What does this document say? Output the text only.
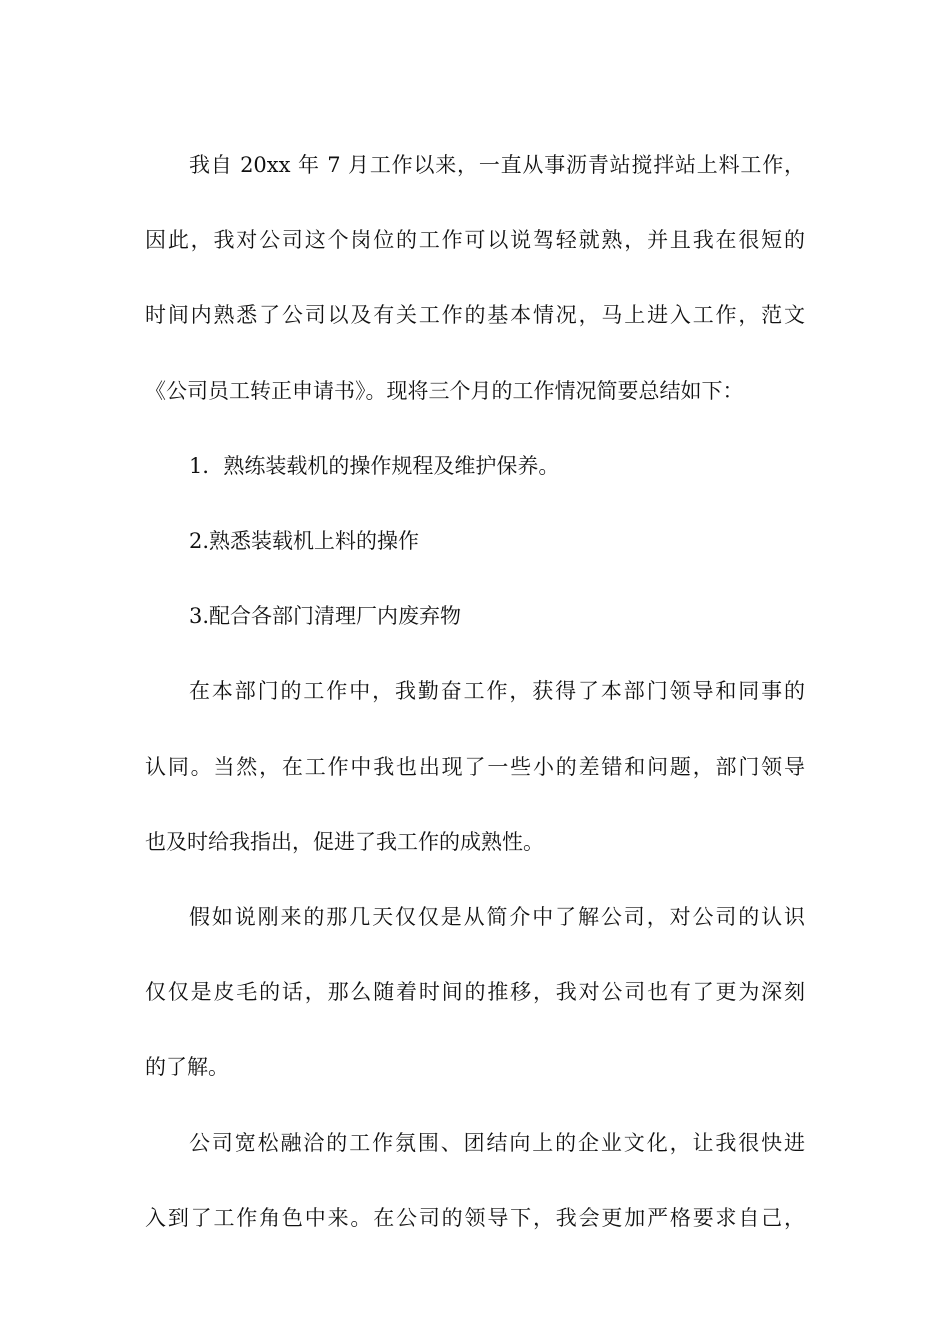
我自 20xx 年 7 月工作以来，一直从事沥青站搅拌站上料工作，
因此，我对公司这个岗位的工作可以说驾轻就熟，并且我在很短的
时间内熟悉了公司以及有关工作的基本情况，马上进入工作，范文
《公司员工转正申请书》。现将三个月的工作情况简要总结如下：
1．熟练装载机的操作规程及维护保养。
2.熟悉装载机上料的操作
3.配合各部门清理厂内废弃物
在本部门的工作中，我勤奋工作，获得了本部门领导和同事的
认同。当然，在工作中我也出现了一些小的差错和问题，部门领导
也及时给我指出，促进了我工作的成熟性。
假如说刚来的那几天仅仅是从简介中了解公司，对公司的认识
仅仅是皮毛的话，那么随着时间的推移，我对公司也有了更为深刻
的了解。
公司宽松融洽的工作氛围、团结向上的企业文化，让我很快进
入到了工作角色中来。在公司的领导下，我会更加严格要求自己，
